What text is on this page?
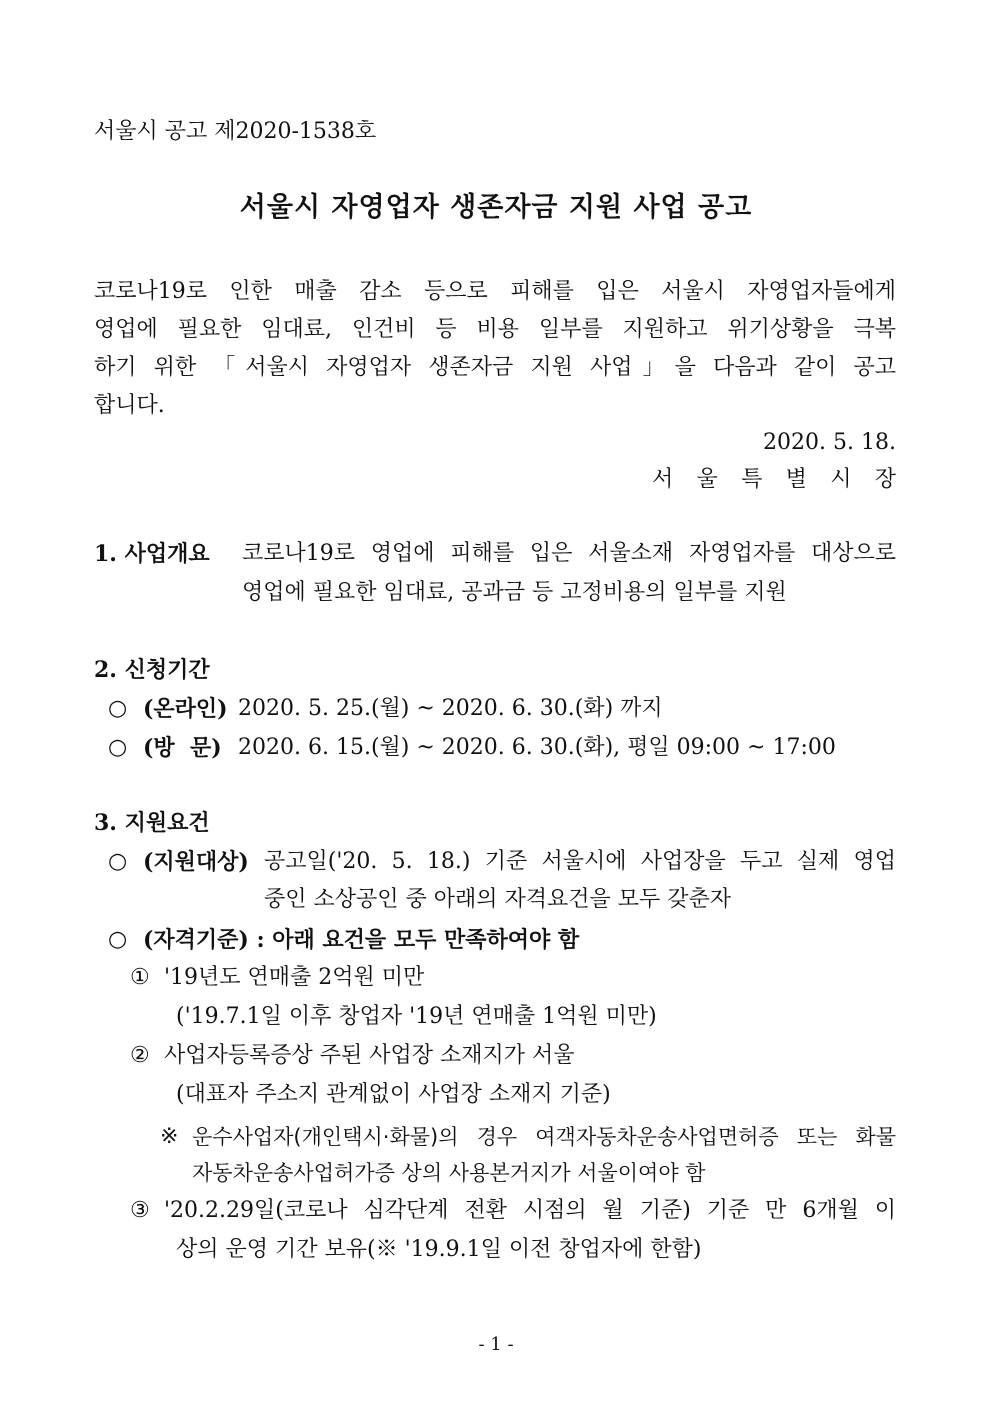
서울시 공고 제2020-1538호
서울시 자영업자 생존자금 지원 사업 공고
코로나19로 인한 매출 감소 등으로 피해를 입은 서울시 자영업자들에게
영업에 필요한 임대료, 인건비 등 비용 일부를 지원하고 위기상황을 극복
하기 위한 「서울시 자영업자 생존자금 지원 사업」을 다음과 같이 공고
합니다.
2020. 5. 18.
서 울 특 별 시 장
1. 사업개요 코로나19로 영업에 피해를 입은 서울소재 자영업자를 대상으로
영업에 필요한 임대료, 공과금 등 고정비용의 일부를 지원
2. 신청기간
○ (온라인) 2020. 5. 25.(월) ~ 2020. 6. 30.(화) 까지
○ (방  문) 2020. 6. 15.(월) ~ 2020. 6. 30.(화), 평일 09:00 ~ 17:00
3. 지원요건
○ (지원대상) 공고일('20. 5. 18.) 기준 서울시에 사업장을 두고 실제 영업
중인 소상공인 중 아래의 자격요건을 모두 갖춘자
○ (자격기준) : 아래 요건을 모두 만족하여야 함
① '19년도 연매출 2억원 미만
('19.7.1일 이후 창업자 '19년 연매출 1억원 미만)
② 사업자등록증상 주된 사업장 소재지가 서울
(대표자 주소지 관계없이 사업장 소재지 기준)
※ 운수사업자(개인택시·화물)의 경우 여객자동차운송사업면허증 또는 화물
자동차운송사업허가증 상의 사용본거지가 서울이여야 함
③ '20.2.29일(코로나 심각단계 전환 시점의 월 기준) 기준 만 6개월 이
상의 운영 기간 보유(※ '19.9.1일 이전 창업자에 한함)
- 1 -
